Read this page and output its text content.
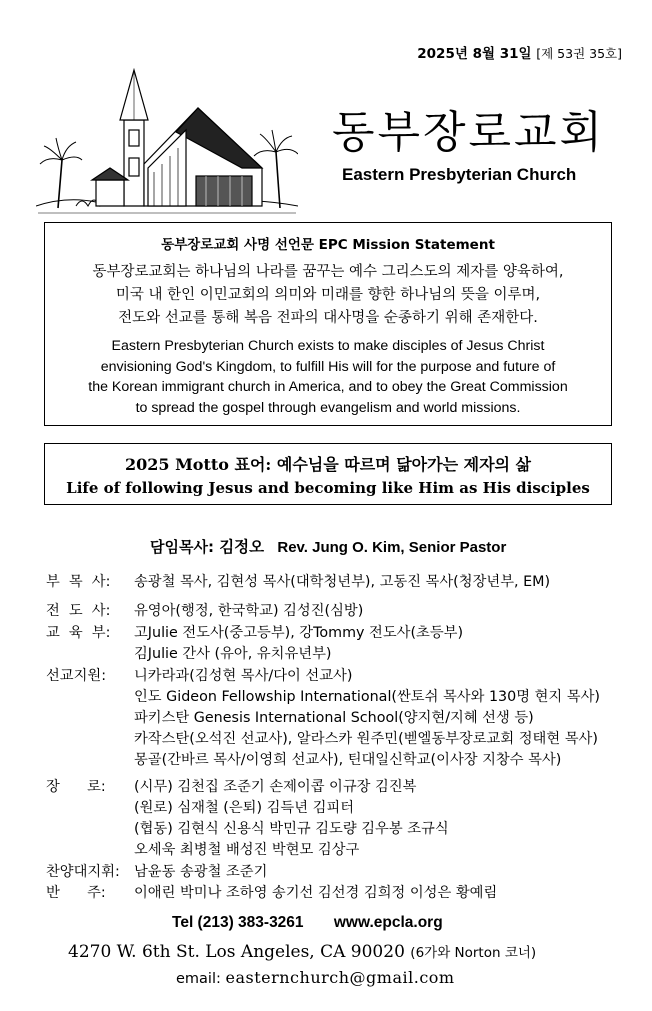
2025년 8월 31일 [제 53권 35호]
동부장로교회
Eastern Presbyterian Church
동부장로교회 사명 선언문 EPC Mission Statement
동부장로교회는 하나님의 나라를 꿈꾸는 예수 그리스도의 제자를 양육하여,
미국 내 한인 이민교회의 의미와 미래를 향한 하나님의 뜻을 이루며,
전도와 선교를 통해 복음 전파의 대사명을 순종하기 위해 존재한다.
Eastern Presbyterian Church exists to make disciples of Jesus Christ
envisioning God's Kingdom, to fulfill His will for the purpose and future of
the Korean immigrant church in America, and to obey the Great Commission
to spread the gospel through evangelism and world missions.
2025 Motto 표어: 예수님을 따르며 닮아가는 제자의 삶
Life of following Jesus and becoming like Him as His disciples
담임목사: 김정오 Rev. Jung O. Kim, Senior Pastor
부  목  사: 송광철 목사, 김현성 목사(대학청년부), 고동진 목사(청장년부, EM)
전  도  사: 유영아(행정, 한국학교) 김성진(심방)
교  육  부: 고Julie 전도사(중고등부), 강Tommy 전도사(초등부)
김Julie 간사 (유아, 유치유년부)
선교지원: 니카라과(김성현 목사/다이 선교사)
인도 Gideon Fellowship International(싼토쉬 목사와 130명 현지 목사)
파키스탄 Genesis International School(양지현/지혜 선생 등)
카작스탄(오석진 선교사), 알라스카 원주민(벧엘동부장로교회 정태현 목사)
몽골(간바르 목사/이영희 선교사), 틴대일신학교(이사장 지창수 목사)
장      로: (시무) 김천집 조준기 손제이콥 이규장 김진복
(원로) 심재철 (은퇴) 김득년 김피터
(협동) 김현식 신용식 박민규 김도량 김우봉 조규식
오세욱 최병철 배성진 박현모 김상구
찬양대지휘: 남윤동 송광철 조준기
반      주: 이애린 박미나 조하영 송기선 김선경 김희정 이성은 황예림
Tel (213) 383-3261 www.epcla.org
4270 W. 6th St. Los Angeles, CA 90020 (6가와 Norton 코너)
email: easternchurch@gmail.com
